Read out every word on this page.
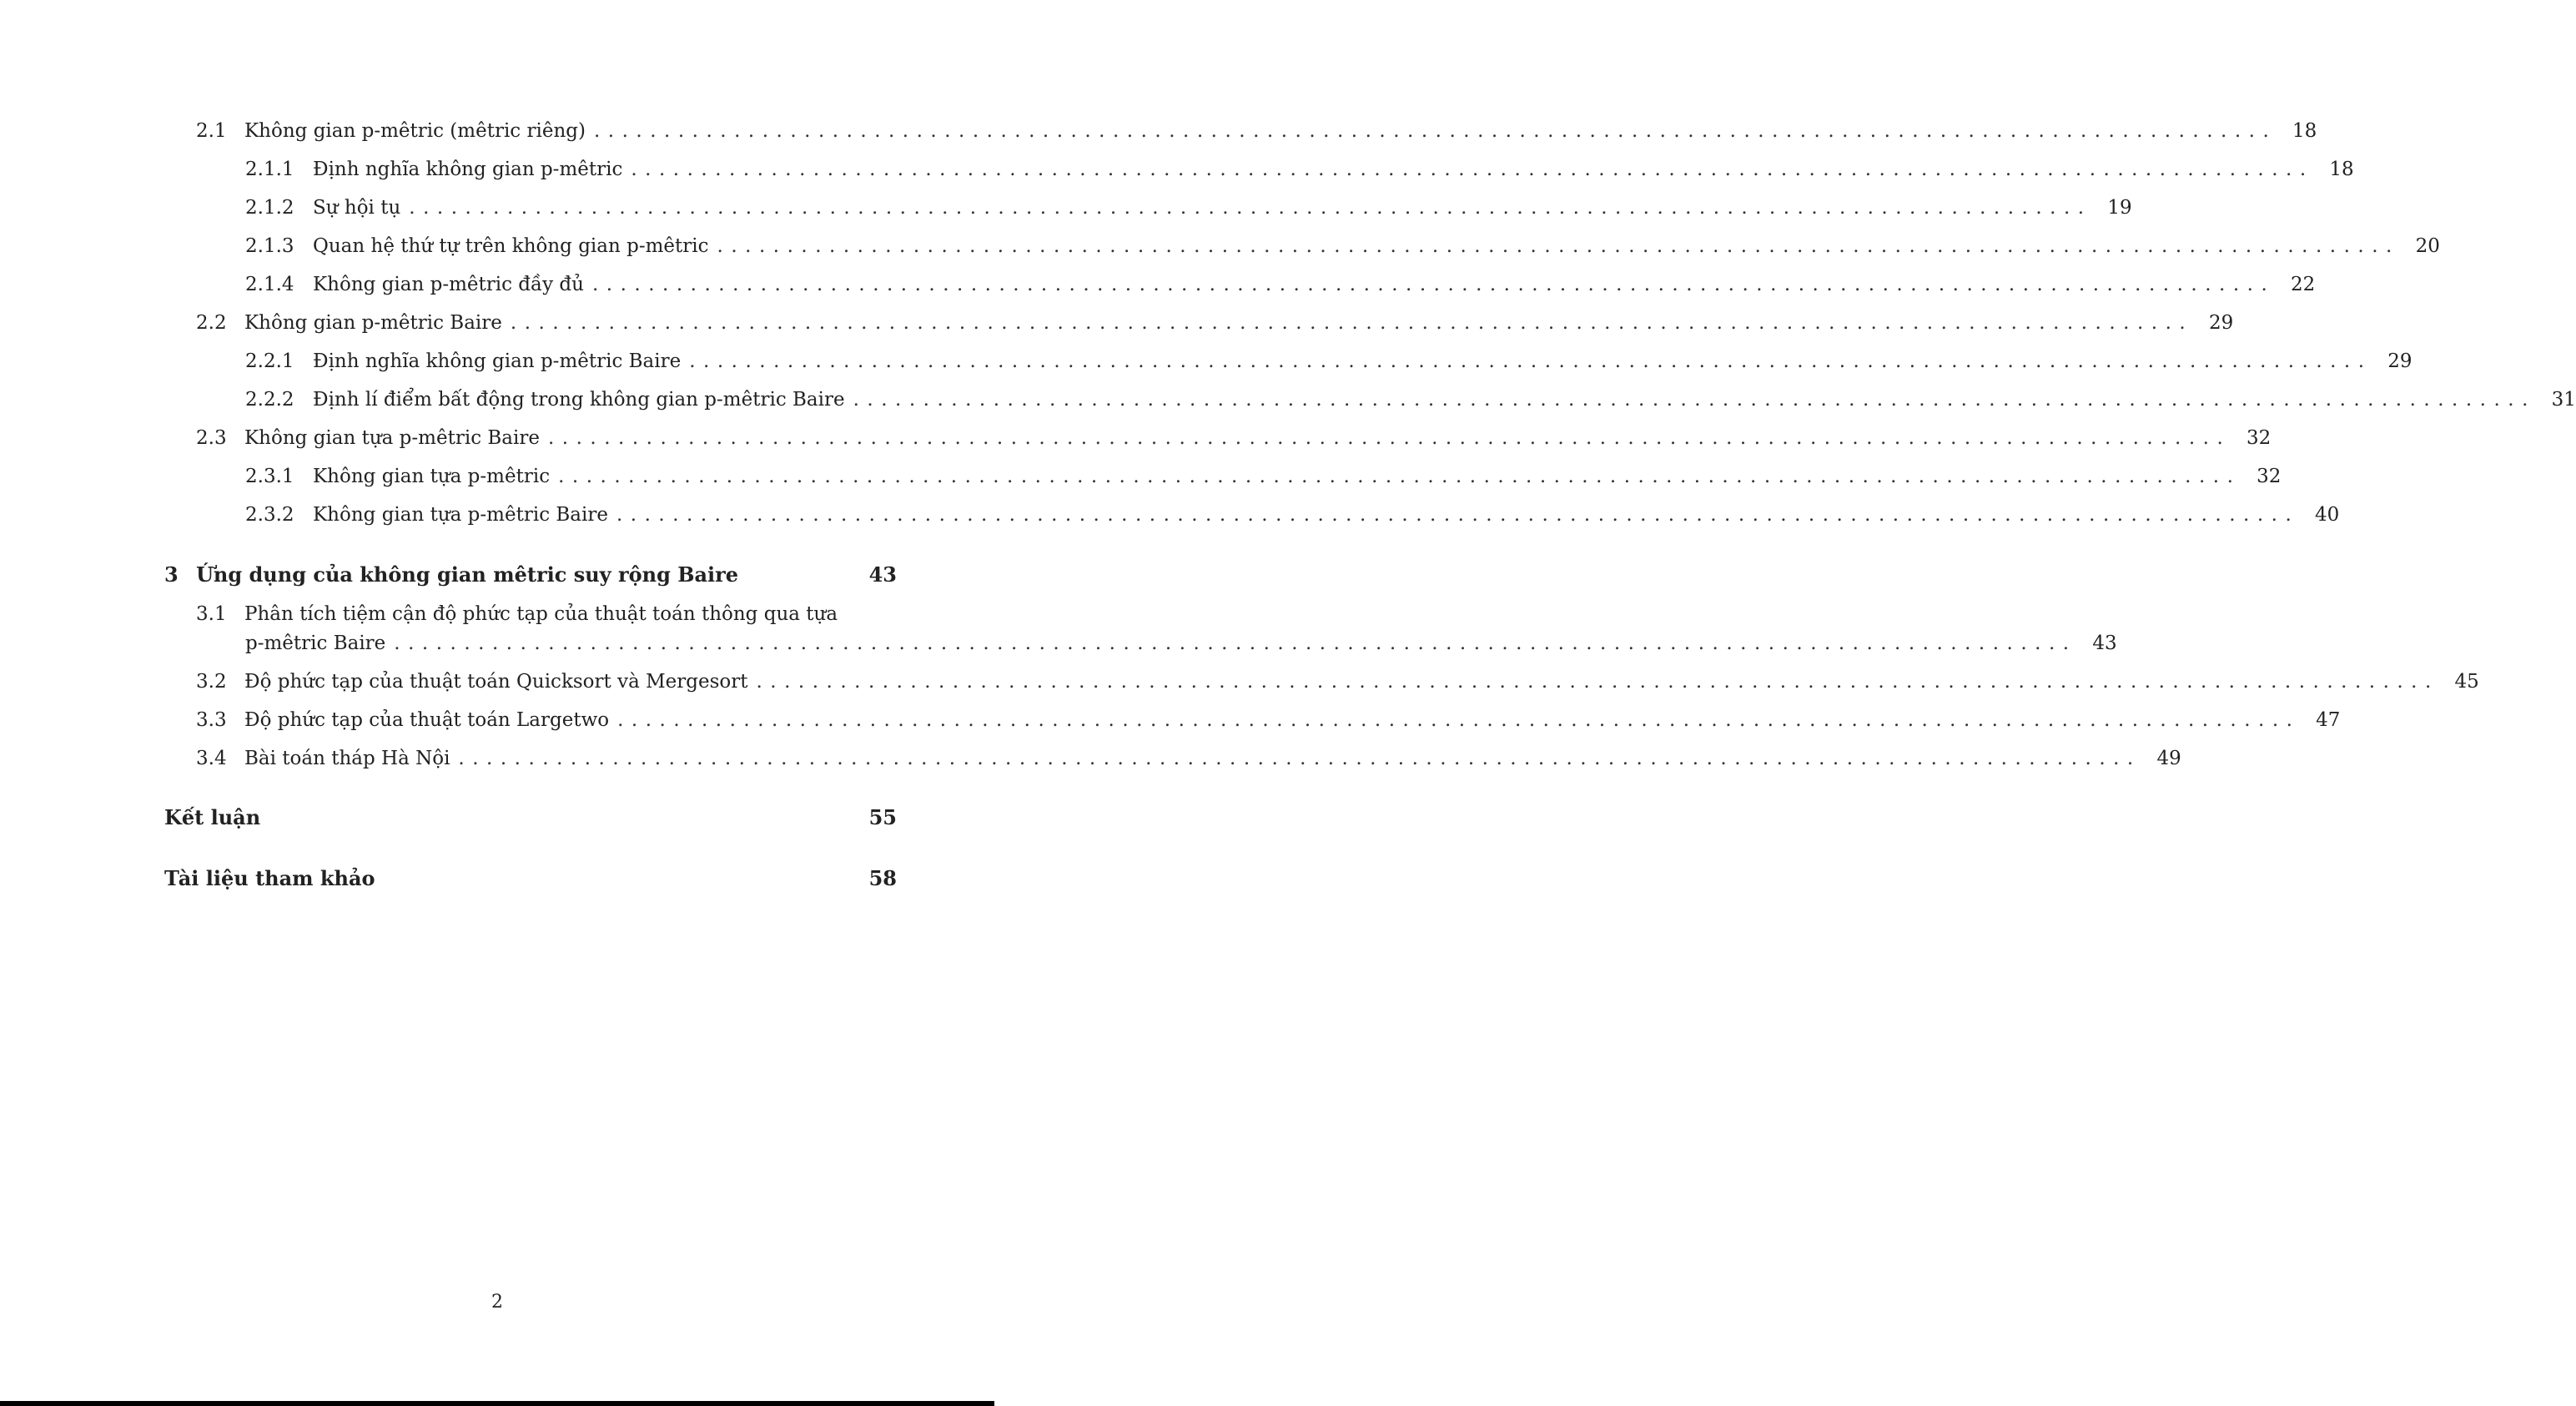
2.1 Không gian p-mêtric (mêtric riêng) ........................................................................................................................ 18
2.1.1 Định nghĩa không gian p-mêtric ........................................................................................................................ 18
2.1.2 Sự hội tụ ........................................................................................................................ 19
2.1.3 Quan hệ thứ tự trên không gian p-mêtric ........................................................................................................................ 20
2.1.4 Không gian p-mêtric đầy đủ ........................................................................................................................ 22
2.2 Không gian p-mêtric Baire ........................................................................................................................ 29
2.2.1 Định nghĩa không gian p-mêtric Baire ........................................................................................................................ 29
2.2.2 Định lí điểm bất động trong không gian p-mêtric Baire ........................................................................................................................ 31
2.3 Không gian tựa p-mêtric Baire ........................................................................................................................ 32
2.3.1 Không gian tựa p-mêtric ........................................................................................................................ 32
2.3.2 Không gian tựa p-mêtric Baire ........................................................................................................................ 40
3 Ứng dụng của không gian mêtric suy rộng Baire	43
3.1 Phân tích tiệm cận độ phức tạp của thuật toán thông qua tựa
p-mêtric Baire ........................................................................................................................ 43
3.2 Độ phức tạp của thuật toán Quicksort và Mergesort ........................................................................................................................ 45
3.3 Độ phức tạp của thuật toán Largetwo ........................................................................................................................ 47
3.4 Bài toán tháp Hà Nội ........................................................................................................................ 49
Kết luận	55
Tài liệu tham khảo	58
2
